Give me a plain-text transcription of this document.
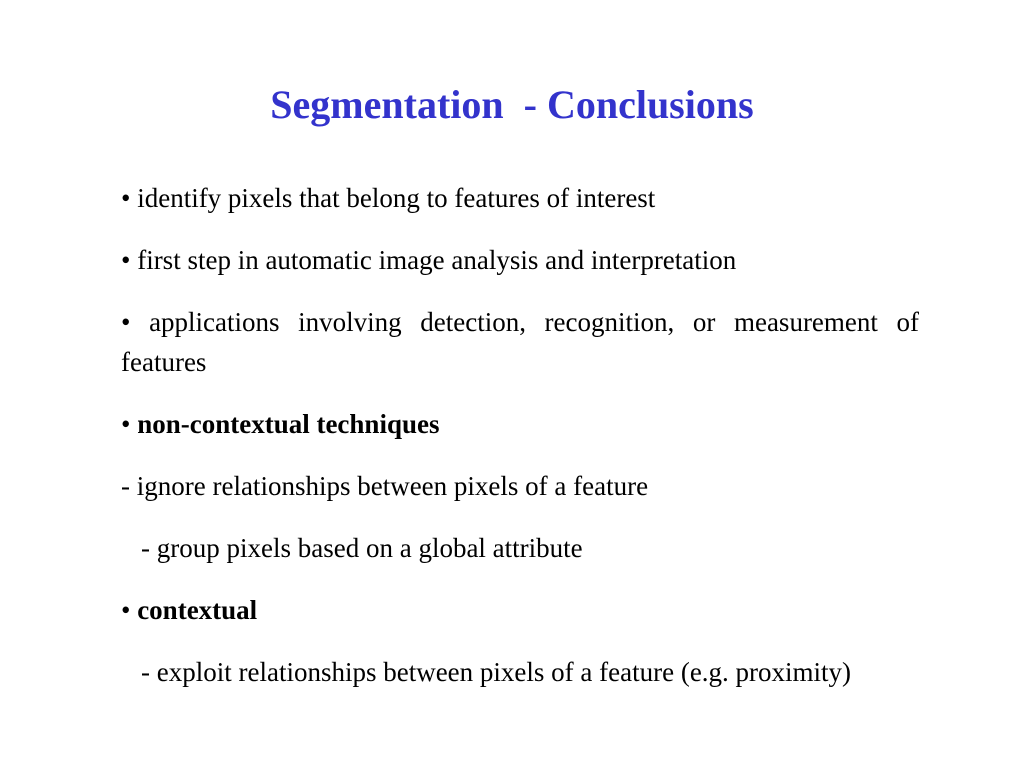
Segmentation  - Conclusions

• identify pixels that belong to features of interest

• first step in automatic image analysis and interpretation

• applications involving detection, recognition, or measurement of features

• non-contextual techniques

- ignore relationships between pixels of a feature

- group pixels based on a global attribute

• contextual

- exploit relationships between pixels of a feature (e.g. proximity)
